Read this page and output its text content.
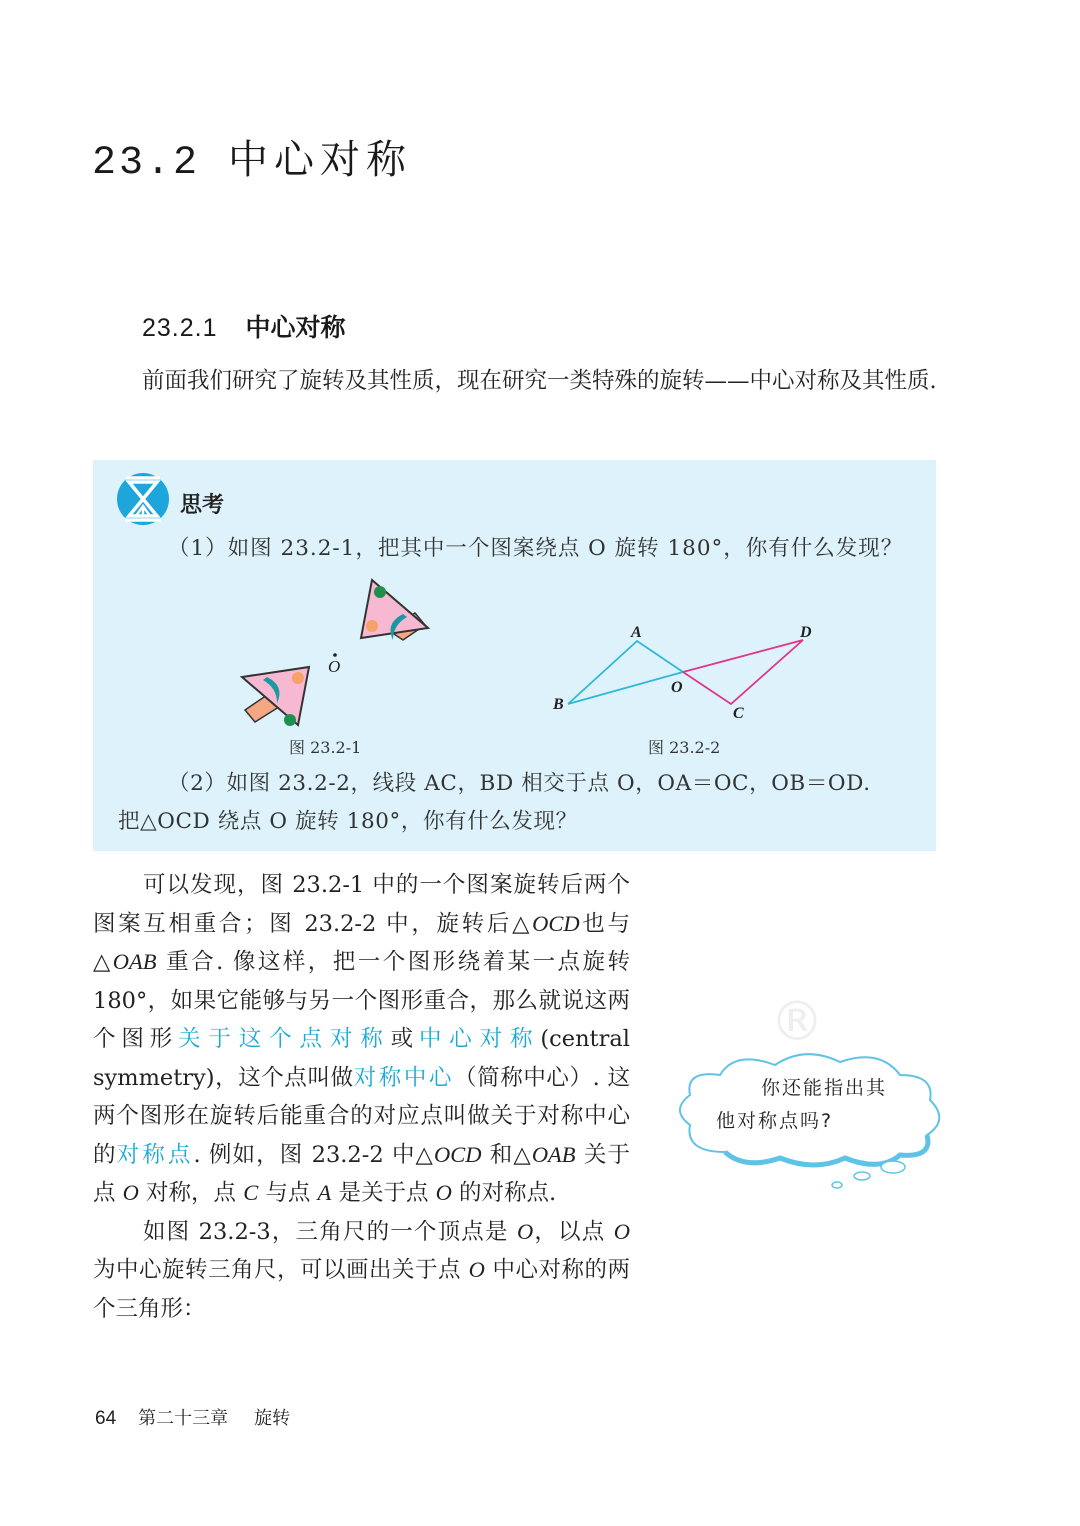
23.2 中心对称
23.2.1 中心对称
前面我们研究了旋转及其性质，现在研究一类特殊的旋转——中心对称及其性质.
思考
（1）如图 23.2-1，把其中一个图案绕点 O 旋转 180°，你有什么发现？
O
图 23.2-1
A
B
O
C
D
图 23.2-2
（2）如图 23.2-2，线段 AC，BD 相交于点 O，OA＝OC，OB＝OD.
把△OCD 绕点 O 旋转 180°，你有什么发现？
®

可以发现，图 23.2-1 中的一个图案旋转后两个图案互相重合；图 23.2-2 中，旋转后△OCD也与△OAB 重合. 像这样，把一个图形绕着某一点旋转 180°，如果它能够与另一个图形重合，那么就说这两个图形关于这个点对称或中心对称(central symmetry)，这个点叫做对称中心（简称中心）. 这两个图形在旋转后能重合的对应点叫做关于对称中心的对称点. 例如，图 23.2-2 中△OCD 和△OAB 关于点 O 对称，点 C 与点 A 是关于点 O 的对称点.

如图 23.2-3，三角尺的一个顶点是 O，以点 O 为中心旋转三角尺，可以画出关于点 O 中心对称的两个三角形：

你还能指出其
他对称点吗?
64 第二十三章 旋转
